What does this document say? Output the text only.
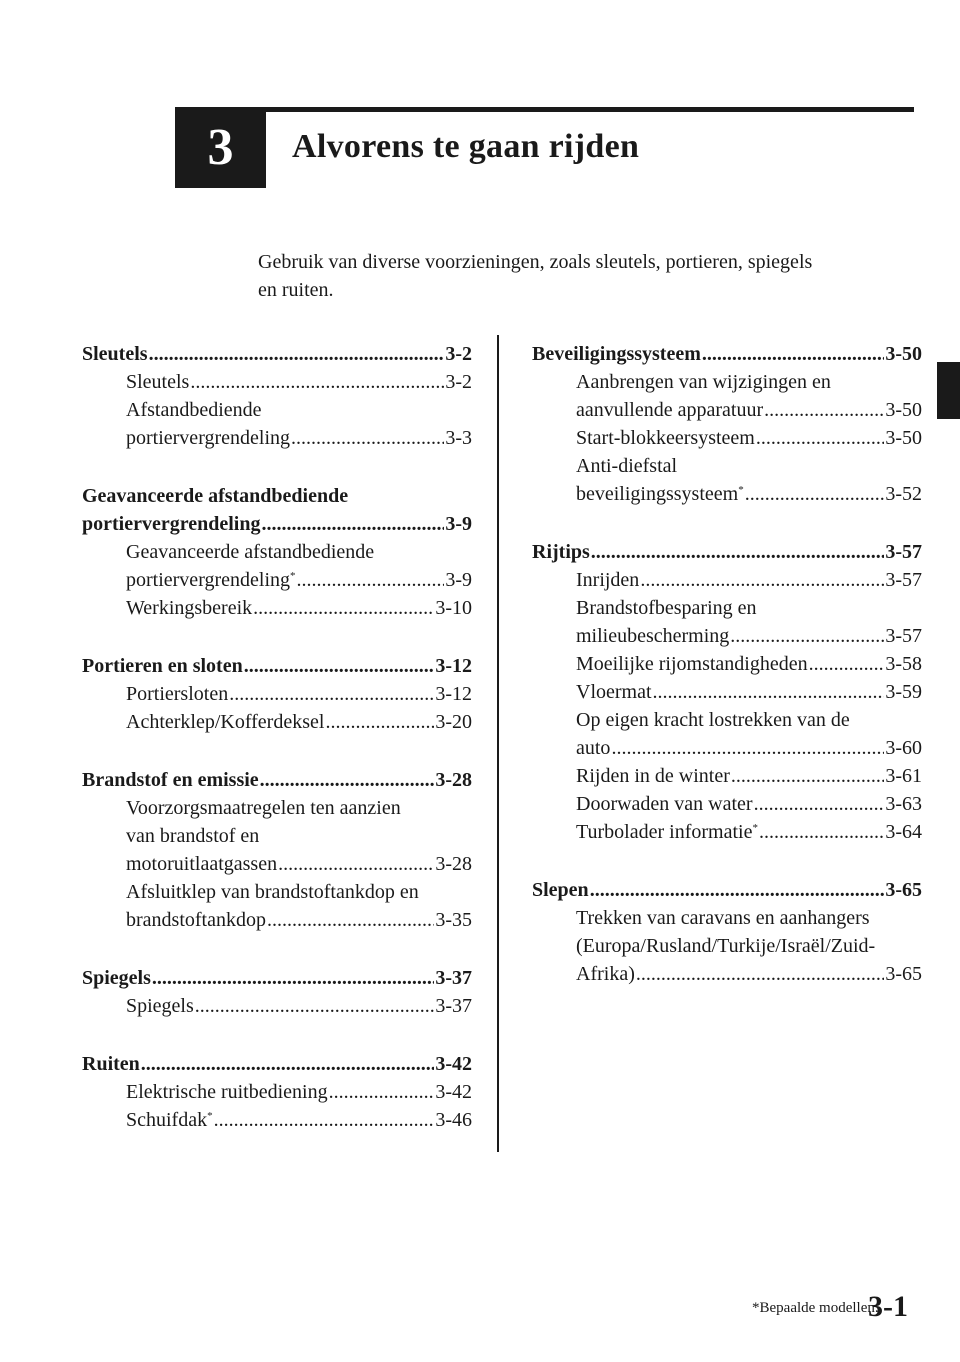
3 Alvorens te gaan rijden
Gebruik van diverse voorzieningen, zoals sleutels, portieren, spiegels
en ruiten.
Sleutels .....	3-2
Sleutels .....	3-2
Afstandbediende
portiervergrendeling .....	3-3
Geavanceerde afstandbediende
portiervergrendeling .....	3-9
Geavanceerde afstandbediende
portiervergrendeling* .....	3-9
Werkingsbereik .....	3-10
Portieren en sloten .....	3-12
Portiersloten .....	3-12
Achterklep/Kofferdeksel .....	3-20
Brandstof en emissie .....	3-28
Voorzorgsmaatregelen ten aanzien
van brandstof en
motoruitlaatgassen .....	3-28
Afsluitklep van brandstoftankdop en
brandstoftankdop .....	3-35
Spiegels .....	3-37
Spiegels .....	3-37
Ruiten .....	3-42
Elektrische ruitbediening .....	3-42
Schuifdak* .....	3-46
Beveiligingssysteem .....	3-50
Aanbrengen van wijzigingen en
aanvullende apparatuur .....	3-50
Start-blokkeersysteem .....	3-50
Anti-diefstal
beveiligingssysteem* .....	3-52
Rijtips .....	3-57
Inrijden .....	3-57
Brandstofbesparing en
milieubescherming .....	3-57
Moeilijke rijomstandigheden .....	3-58
Vloermat .....	3-59
Op eigen kracht lostrekken van de
auto .....	3-60
Rijden in de winter .....	3-61
Doorwaden van water .....	3-63
Turbolader informatie* .....	3-64
Slepen .....	3-65
Trekken van caravans en aanhangers
(Europa/Rusland/Turkije/Israël/Zuid-
Afrika) .....	3-65
*Bepaalde modellen.
3-1
